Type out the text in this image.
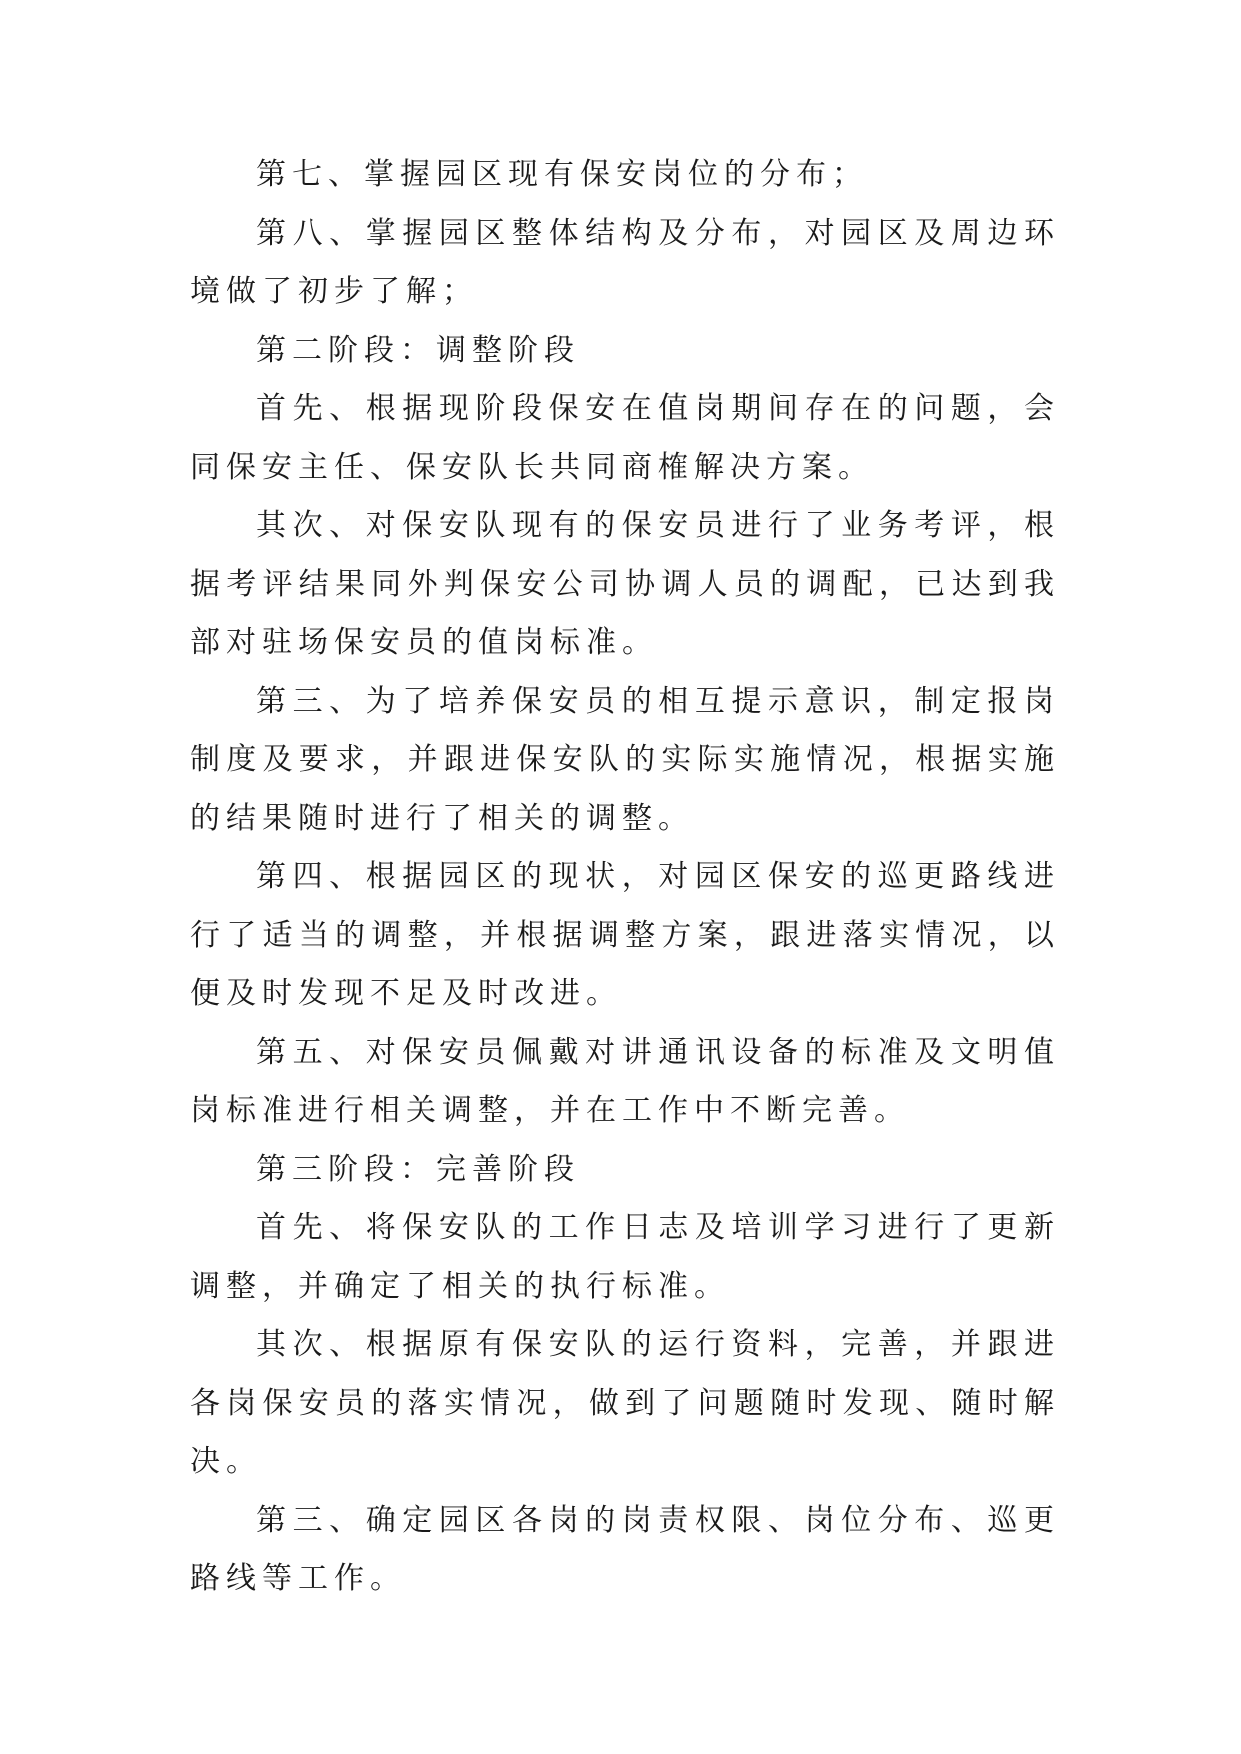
第七、掌握园区现有保安岗位的分布；

第八、掌握园区整体结构及分布，对园区及周边环境做了初步了解；

第二阶段：调整阶段

首先、根据现阶段保安在值岗期间存在的问题，会同保安主任、保安队长共同商榷解决方案。

其次、对保安队现有的保安员进行了业务考评，根据考评结果同外判保安公司协调人员的调配，已达到我部对驻场保安员的值岗标准。

第三、为了培养保安员的相互提示意识，制定报岗制度及要求，并跟进保安队的实际实施情况，根据实施的结果随时进行了相关的调整。

第四、根据园区的现状，对园区保安的巡更路线进行了适当的调整，并根据调整方案，跟进落实情况，以便及时发现不足及时改进。

第五、对保安员佩戴对讲通讯设备的标准及文明值岗标准进行相关调整，并在工作中不断完善。

第三阶段：完善阶段

首先、将保安队的工作日志及培训学习进行了更新调整，并确定了相关的执行标准。

其次、根据原有保安队的运行资料，完善，并跟进各岗保安员的落实情况，做到了问题随时发现、随时解决。

第三、确定园区各岗的岗责权限、岗位分布、巡更路线等工作。
